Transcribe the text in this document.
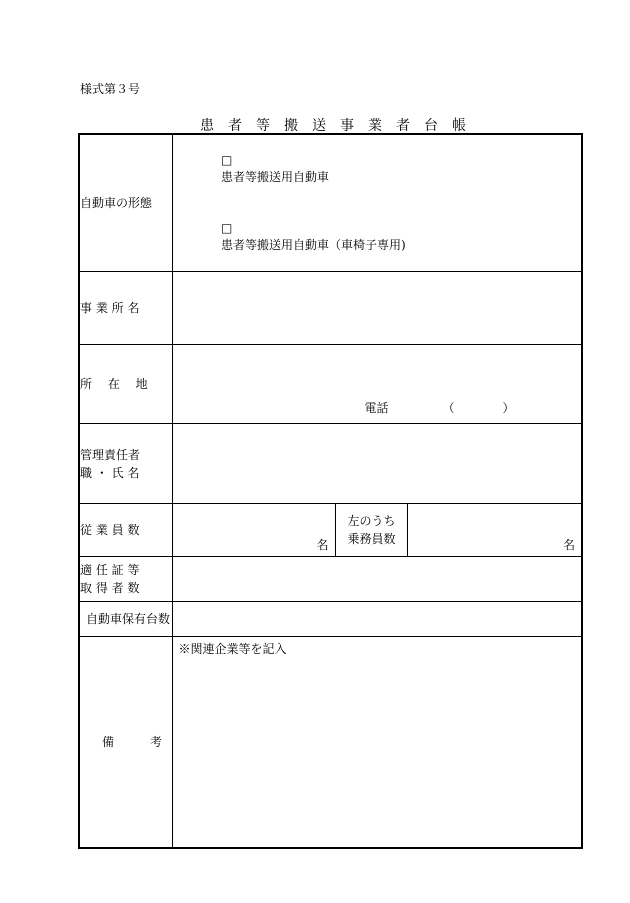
様式第３号
患　者　等　搬　送　事　業　者　台　帳
自動車の形態	□
患者等搬送用自動車

□
患者等搬送用自動車（車椅子専用)		

事 業 所 名			
所　 在　 地	電話　　　　　（　　　　）		

管理責任者
職 ・ 氏 名			
従 業 員 数	名	左のうち
乗務員数	名

適 任 証 等
取 得 者 数			
自動車保有台数			
備　　　考	※関連企業等を記入		
